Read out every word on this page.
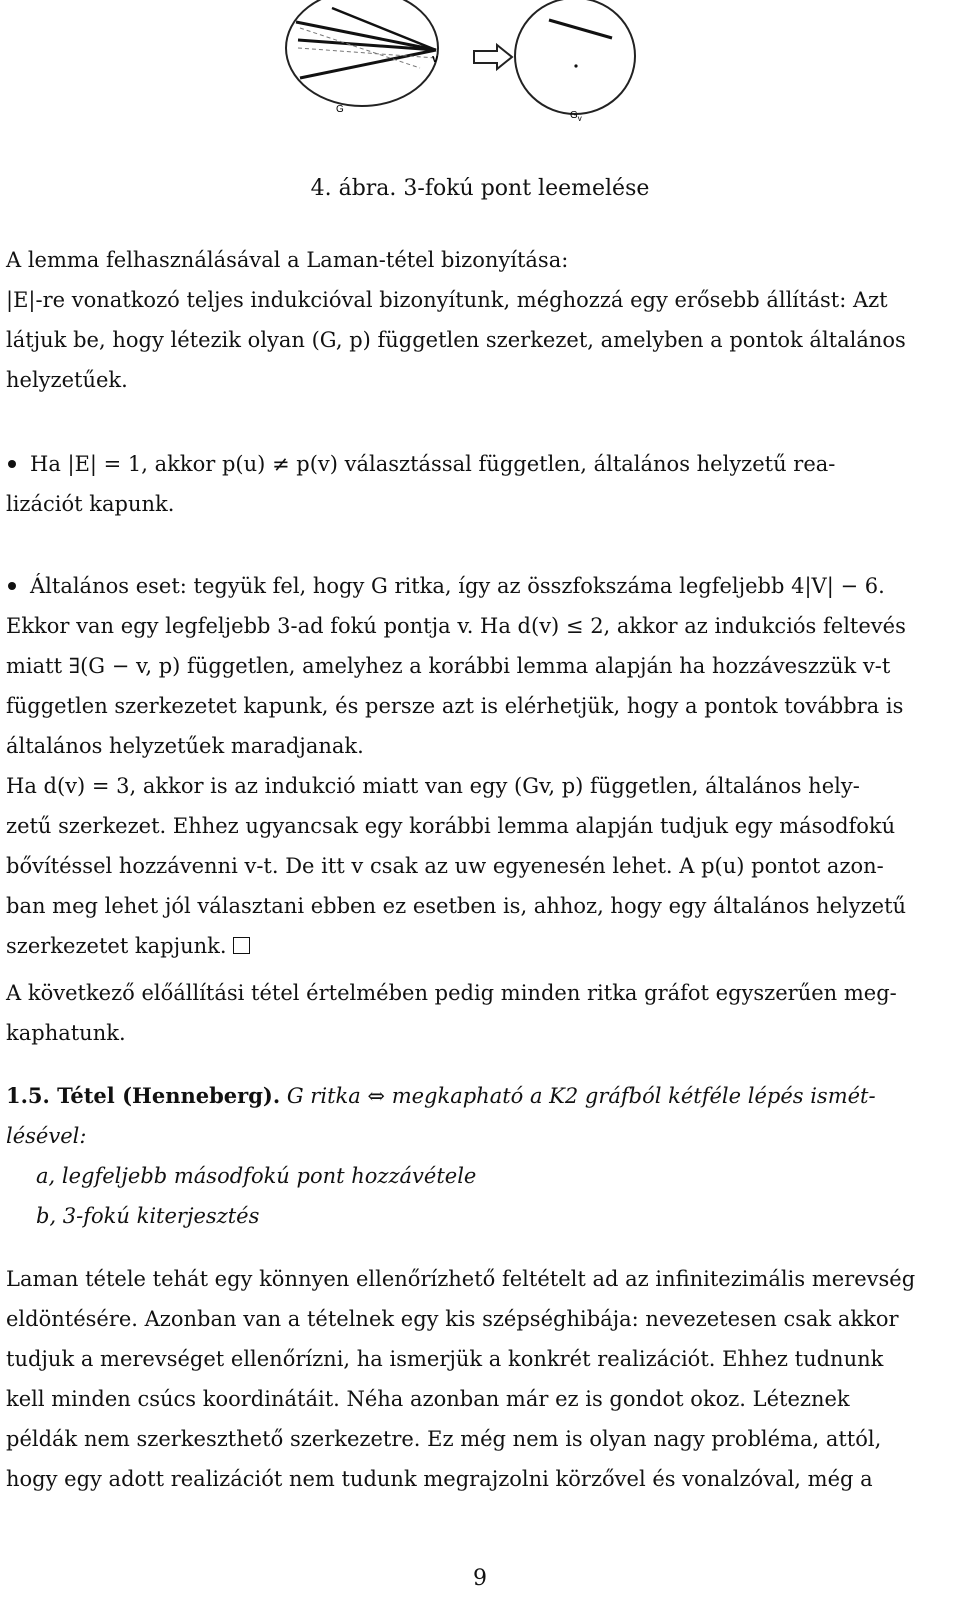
v
G
$G_v$
4. ábra. 3-fokú pont leemelése
A lemma felhasználásával a Laman-tétel bizonyítása:
|E|-re vonatkozó teljes indukcióval bizonyítunk, méghozzá egy erősebb állítást: Azt
látjuk be, hogy létezik olyan (G, p) független szerkezet, amelyben a pontok általános
helyzetűek.
Ha |E| = 1, akkor p(u) ≠ p(v) választással független, általános helyzetű rea-
lizációt kapunk.
Általános eset: tegyük fel, hogy G ritka, így az összfokszáma legfeljebb 4|V| − 6.
Ekkor van egy legfeljebb 3-ad fokú pontja v. Ha d(v) ≤ 2, akkor az indukciós feltevés
miatt ∃(G − v, p) független, amelyhez a korábbi lemma alapján ha hozzáveszzük v-t
független szerkezetet kapunk, és persze azt is elérhetjük, hogy a pontok továbbra is
általános helyzetűek maradjanak.
Ha d(v) = 3, akkor is az indukció miatt van egy (Gv, p) független, általános hely-
zetű szerkezet. Ehhez ugyancsak egy korábbi lemma alapján tudjuk egy másodfokú
bővítéssel hozzávenni v-t. De itt v csak az uw egyenesén lehet. A p(u) pontot azon-
ban meg lehet jól választani ebben ez esetben is, ahhoz, hogy egy általános helyzetű
szerkezetet kapjunk.
A következő előállítási tétel értelmében pedig minden ritka gráfot egyszerűen meg-
kaphatunk.
1.5. Tétel (Henneberg). G ritka ⇔ megkapható a K2 gráfból kétféle lépés ismét-
lésével:
a, legfeljebb másodfokú pont hozzávétele
b, 3-fokú kiterjesztés
Laman tétele tehát egy könnyen ellenőrízhető feltételt ad az infinitezimális merevség
eldöntésére. Azonban van a tételnek egy kis szépséghibája: nevezetesen csak akkor
tudjuk a merevséget ellenőrízni, ha ismerjük a konkrét realizációt. Ehhez tudnunk
kell minden csúcs koordinátáit. Néha azonban már ez is gondot okoz. Léteznek
példák nem szerkeszthető szerkezetre. Ez még nem is olyan nagy probléma, attól,
hogy egy adott realizációt nem tudunk megrajzolni körzővel és vonalzóval, még a
9
